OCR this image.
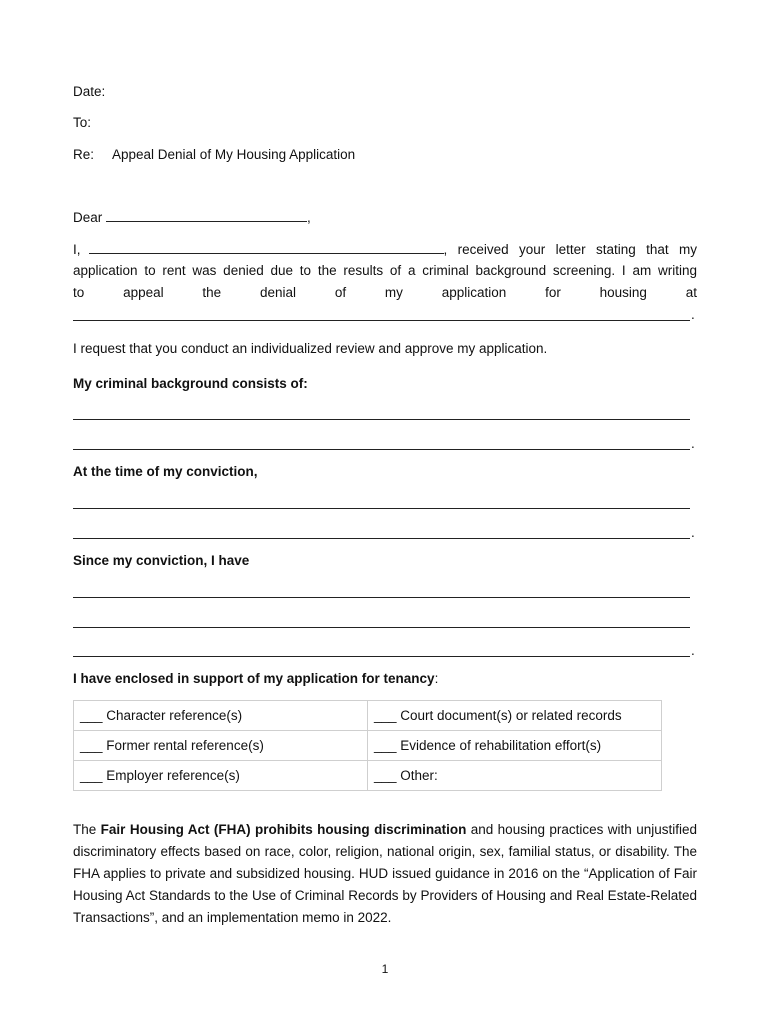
Date:
To:
Re: Appeal Denial of My Housing Application
Dear	,
I,	, received your letter stating that my
application to rent was denied due to the results of a criminal background screening. I am writing
to appeal the denial of my application for housing at
.
I request that you conduct an individualized review and approve my application.
My criminal background consists of:
.
At the time of my conviction,
.
Since my conviction, I have
.
I have enclosed in support of my application for tenancy:
___ Character reference(s)	___ Court document(s) or related records
___ Former rental reference(s)	___ Evidence of rehabilitation effort(s)
___ Employer reference(s)	___ Other:
The Fair Housing Act (FHA) prohibits housing discrimination and housing practices with unjustified discriminatory effects based on race, color, religion, national origin, sex, familial status, or disability. The FHA applies to private and subsidized housing. HUD issued guidance in 2016 on the “Application of Fair Housing Act Standards to the Use of Criminal Records by Providers of Housing and Real Estate-Related Transactions”, and an implementation memo in 2022.
1
